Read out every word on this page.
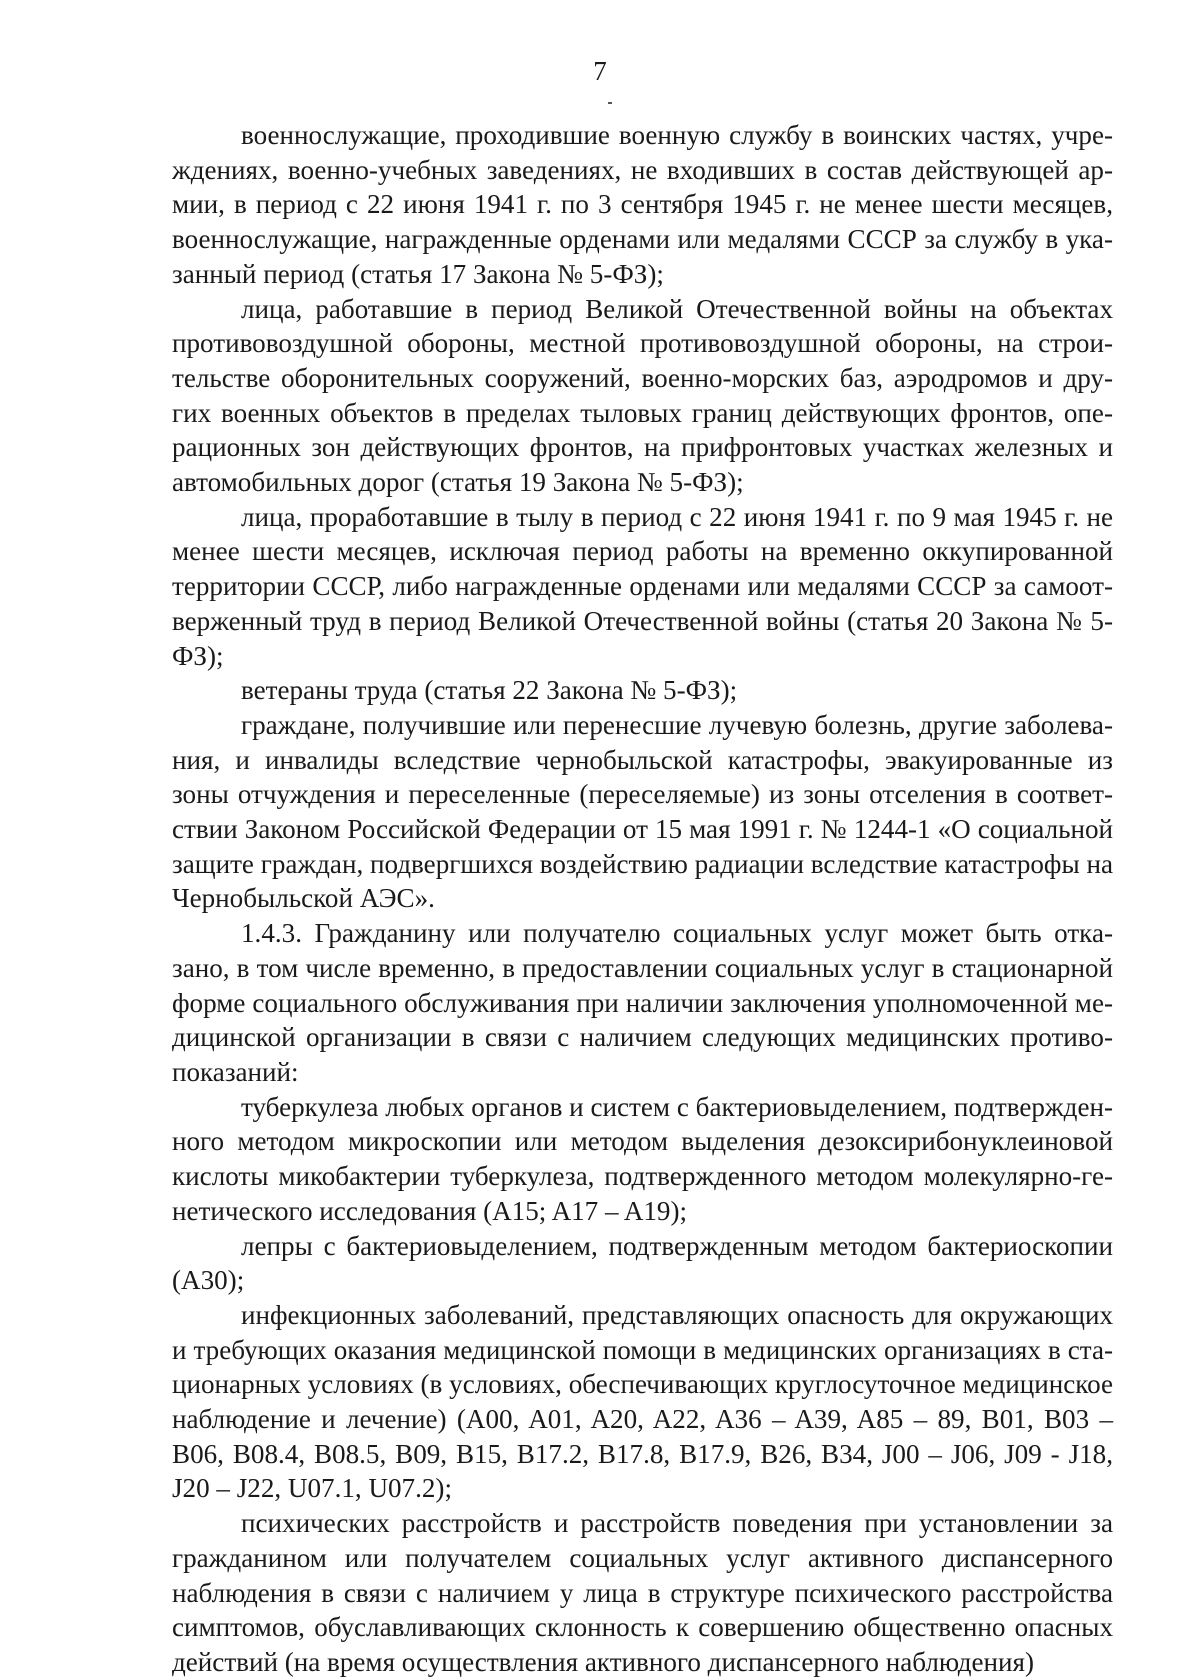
7

военнослужащие, проходившие военную службу в воинских частях, учреждениях, военно-учебных заведениях, не входивших в состав действующей армии, в период с 22 июня 1941 г. по 3 сентября 1945 г. не менее шести месяцев, военнослужащие, награжденные орденами или медалями СССР за службу в указанный период (статья 17 Закона № 5-ФЗ);

лица, работавшие в период Великой Отечественной войны на объектах противовоздушной обороны, местной противовоздушной обороны, на строительстве оборонительных сооружений, военно-морских баз, аэродромов и других военных объектов в пределах тыловых границ действующих фронтов, операционных зон действующих фронтов, на прифронтовых участках железных и автомобильных дорог (статья 19 Закона № 5-ФЗ);

лица, проработавшие в тылу в период с 22 июня 1941 г. по 9 мая 1945 г. не менее шести месяцев, исключая период работы на временно оккупированной территории СССР, либо награжденные орденами или медалями СССР за самоотверженный труд в период Великой Отечественной войны (статья 20 Закона № 5-ФЗ);

ветераны труда (статья 22 Закона № 5-ФЗ);

граждане, получившие или перенесшие лучевую болезнь, другие заболевания, и инвалиды вследствие чернобыльской катастрофы, эвакуированные из зоны отчуждения и переселенные (переселяемые) из зоны отселения в соответствии Законом Российской Федерации от 15 мая 1991 г. № 1244-1 «О социальной защите граждан, подвергшихся воздействию радиации вследствие катастрофы на Чернобыльской АЭС».

1.4.3. Гражданину или получателю социальных услуг может быть отказано, в том числе временно, в предоставлении социальных услуг в стационарной форме социального обслуживания при наличии заключения уполномоченной медицинской организации в связи с наличием следующих медицинских противопоказаний:

туберкулеза любых органов и систем с бактериовыделением, подтвержденного методом микроскопии или методом выделения дезоксирибонуклеиновой кислоты микобактерии туберкулеза, подтвержденного методом молекулярно-генетического исследования (A15; A17 – A19);

лепры с бактериовыделением, подтвержденным методом бактериоскопии (A30);

инфекционных заболеваний, представляющих опасность для окружающих и требующих оказания медицинской помощи в медицинских организациях в стационарных условиях (в условиях, обеспечивающих круглосуточное медицинское наблюдение и лечение) (A00, A01, A20, A22, A36 – A39, A85 – 89, B01, B03 – B06, B08.4, B08.5, B09, B15, B17.2, B17.8, B17.9, B26, B34, J00 – J06, J09 - J18, J20 – J22, U07.1, U07.2);

психических расстройств и расстройств поведения при установлении за гражданином или получателем социальных услуг активного диспансерного наблюдения в связи с наличием у лица в структуре психического расстройства симптомов, обуславливающих склонность к совершению общественно опасных действий (на время осуществления активного диспансерного наблюдения)
